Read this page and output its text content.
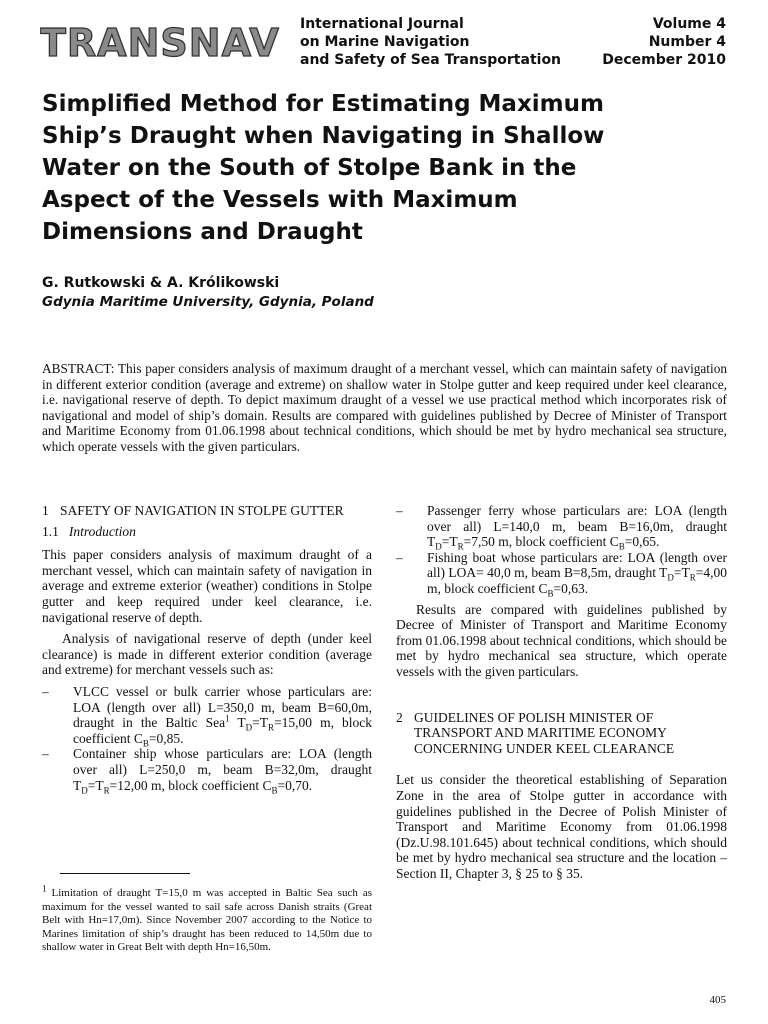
TRANSNAV International Journal
on Marine Navigation
and Safety of Sea Transportation
Volume 4
Number 4
December 2010
Simplified Method for Estimating Maximum
Ship’s Draught when Navigating in Shallow
Water on the South of Stolpe Bank in the
Aspect of the Vessels with Maximum
Dimensions and Draught
G. Rutkowski & A. Królikowski
Gdynia Maritime University, Gdynia, Poland

ABSTRACT: This paper considers analysis of maximum draught of a merchant vessel, which can maintain safety of navigation in different exterior condition (average and extreme) on shallow water in Stolpe gutter and keep required under keel clearance, i.e. navigational reserve of depth. To depict maximum draught of a vessel we use practical method which incorporates risk of navigational and model of ship’s domain. Results are compared with guidelines published by Decree of Minister of Transport and Maritime Economy from 01.06.1998 about technical conditions, which should be met by hydro mechanical sea structure, which operate vessels with the given particulars.

1 SAFETY OF NAVIGATION IN STOLPE GUTTER
1.1 Introduction

This paper considers analysis of maximum draught of a merchant vessel, which can maintain safety of navigation in average and extreme exterior (weather) conditions in Stolpe gutter and keep required under keel clearance, i.e. navigational reserve of depth.

Analysis of navigational reserve of depth (under keel clearance) is made in different exterior condition (average and extreme) for merchant vessels such as:

–	VLCC vessel or bulk carrier whose particulars are: LOA (length over all) L=350,0 m, beam B=60,0m, draught in the Baltic Sea$^1$ $T_D=T_R=15,00$ m, block coefficient $C_B=0,85$.
–	Container ship whose particulars are: LOA (length over all) L=250,0 m, beam B=32,0m, draught $T_D=T_R=12,00$ m, block coefficient $C_B=0,70$.

$^1$ Limitation of draught T=15,0 m was accepted in Baltic Sea such as maximum for the vessel wanted to sail safe across Danish straits (Great Belt with Hn=17,0m). Since November 2007 according to the Notice to Marines limitation of ship’s draught has been reduced to 14,50m due to shallow water in Great Belt with depth Hn=16,50m.

–	Passenger ferry whose particulars are: LOA (length over all) L=140,0 m, beam B=16,0m, draught $T_D=T_R=7,50$ m, block coefficient $C_B=0,65$.
–	Fishing boat whose particulars are: LOA (length over all) LOA= 40,0 m, beam B=8,5m, draught $T_D=T_R=4,00$ m, block coefficient $C_B=0,63$.

Results are compared with guidelines published by Decree of Minister of Transport and Maritime Economy from 01.06.1998 about technical conditions, which should be met by hydro mechanical sea structure, which operate vessels with the given particulars.

2 GUIDELINES OF POLISH MINISTER OF TRANSPORT AND MARITIME ECONOMY CONCERNING UNDER KEEL CLEARANCE

Let us consider the theoretical establishing of Separation Zone in the area of Stolpe gutter in accordance with guidelines published in the Decree of Polish Minister of Transport and Maritime Economy from 01.06.1998 (Dz.U.98.101.645) about technical conditions, which should be met by hydro mechanical sea structure and the location – Section II, Chapter 3, § 25 to § 35.

405
